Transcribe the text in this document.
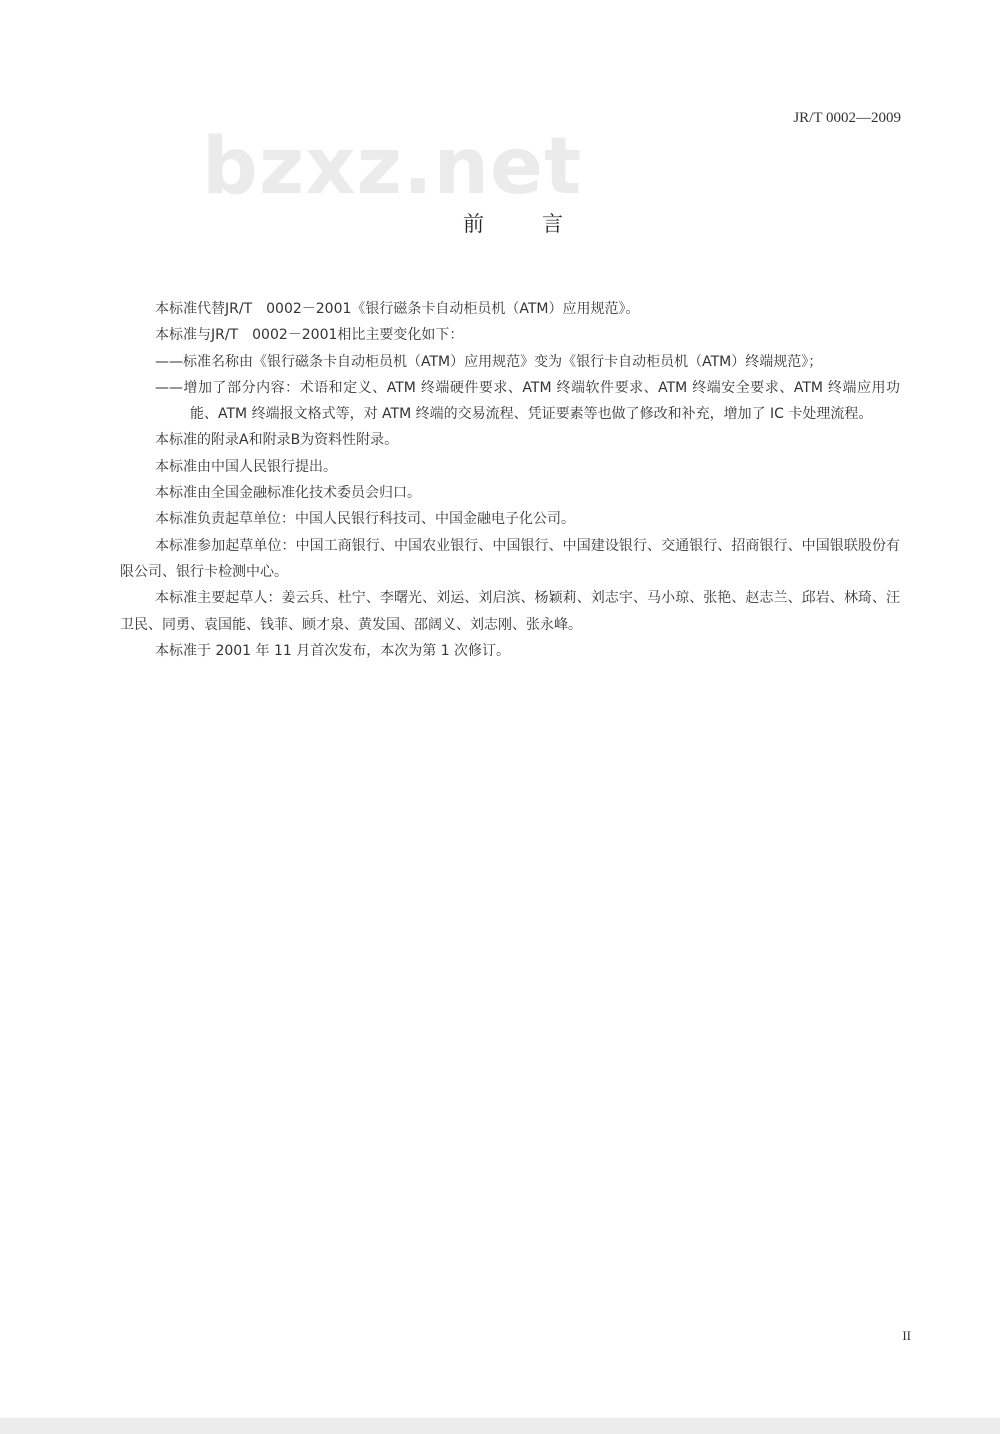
JR/T 0002—2009
bzxz.net
前	言

本标准代替JR/T　0002－2001《银行磁条卡自动柜员机（ATM）应用规范》。

本标准与JR/T　0002－2001相比主要变化如下：

——标准名称由《银行磁条卡自动柜员机（ATM）应用规范》变为《银行卡自动柜员机（ATM）终端规范》；

——增加了部分内容：术语和定义、ATM 终端硬件要求、ATM 终端软件要求、ATM 终端安全要求、ATM 终端应用功能、ATM 终端报文格式等，对 ATM 终端的交易流程、凭证要素等也做了修改和补充，增加了 IC 卡处理流程。

本标准的附录A和附录B为资料性附录。

本标准由中国人民银行提出。

本标准由全国金融标准化技术委员会归口。

本标准负责起草单位：中国人民银行科技司、中国金融电子化公司。

本标准参加起草单位：中国工商银行、中国农业银行、中国银行、中国建设银行、交通银行、招商银行、中国银联股份有限公司、银行卡检测中心。

本标准主要起草人：姜云兵、杜宁、李曙光、刘运、刘启滨、杨颖莉、刘志宇、马小琼、张艳、赵志兰、邱岩、林琦、汪卫民、同勇、袁国能、钱菲、顾才泉、黄发国、邵阔义、刘志刚、张永峰。

本标准于 2001 年 11 月首次发布，本次为第 1 次修订。

II
